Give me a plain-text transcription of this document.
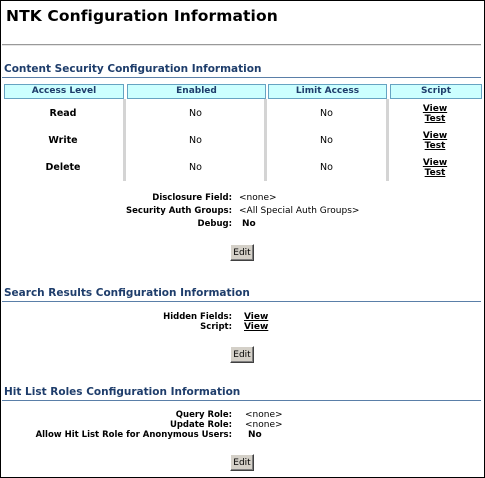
NTK Configuration Information
Content Security Configuration Information
Access Level	Enabled	Limit Access	Script
Read	No	No	View
Test
Write	No	No	View
Test
Delete	No	No	View
Test
Disclosure Field: <none>
Security Auth Groups: <All Special Auth Groups>
Debug: No
Edit
Search Results Configuration Information
Hidden Fields: View
Script: View
Edit
Hit List Roles Configuration Information
Query Role: <none>
Update Role: <none>
Allow Hit List Role for Anonymous Users: No
Edit
